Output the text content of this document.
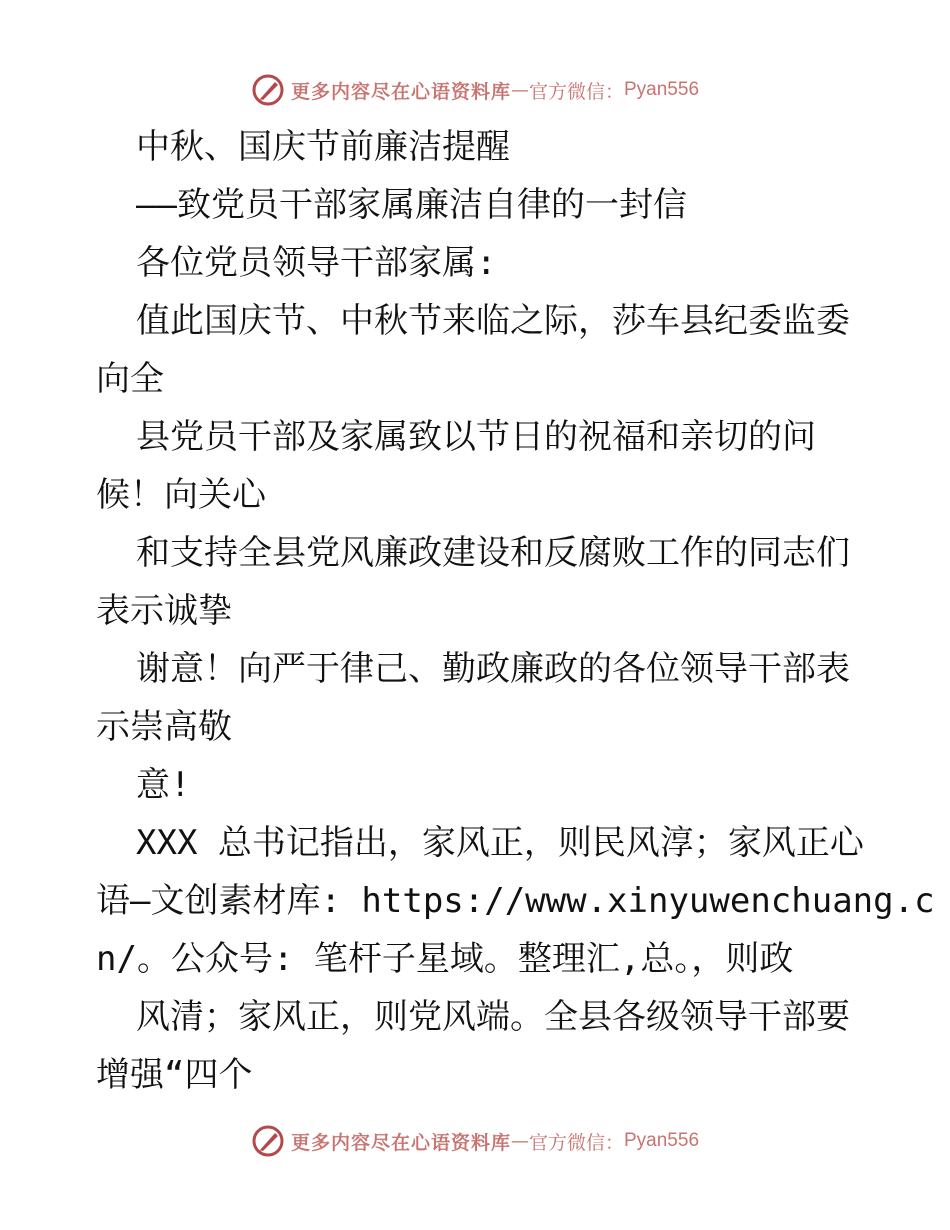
更多内容尽在心语资料库 — 官方微信： Pyan556

中秋、国庆节前廉洁提醒

——致党员干部家属廉洁自律的一封信

各位党员领导干部家属:

值此国庆节、中秋节来临之际，莎车县纪委监委

向全

县党员干部及家属致以节日的祝福和亲切的问

候！向关心

和支持全县党风廉政建设和反腐败工作的同志们

表示诚挚

谢意！向严于律己、勤政廉政的各位领导干部表

示崇高敬

意!

XXX 总书记指出，家风正，则民风淳；家风正心

语—文创素材库: https://www.xinyuwenchuang.c

n/。公众号: 笔杆子星域。整理汇,总。，则政

风清；家风正，则党风端。全县各级领导干部要

增强“四个

更多内容尽在心语资料库 — 官方微信： Pyan556
